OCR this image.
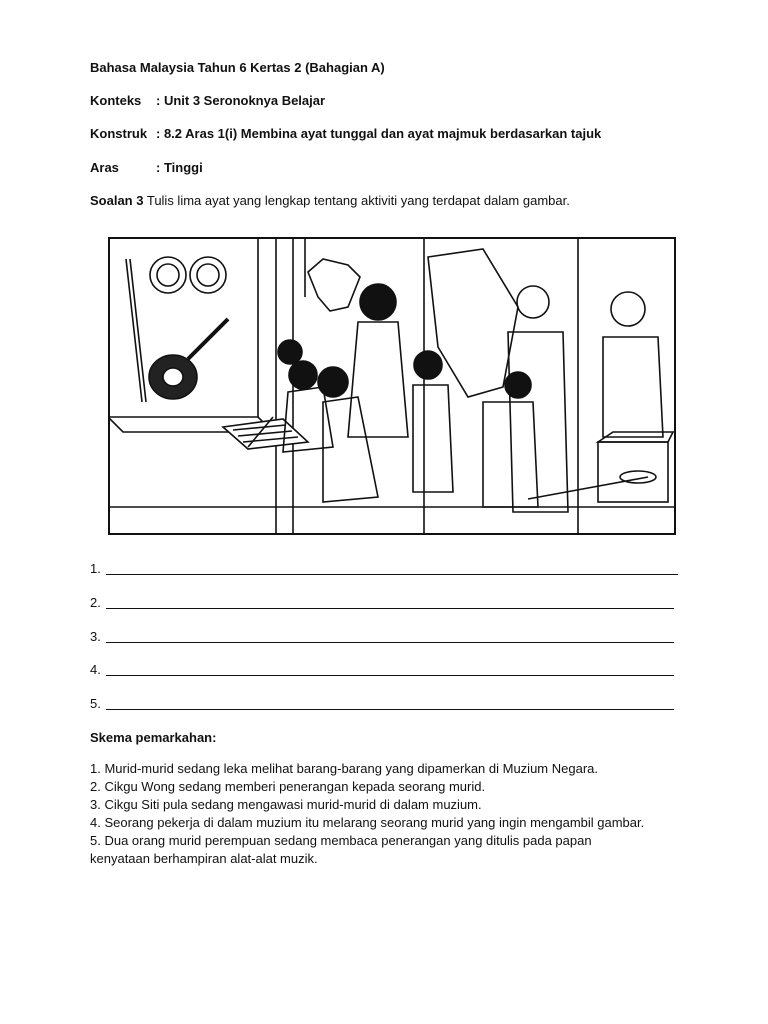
Bahasa Malaysia Tahun 6 Kertas 2 (Bahagian A)
Konteks : Unit 3 Seronoknya Belajar
Konstruk : 8.2 Aras 1(i) Membina ayat tunggal dan ayat majmuk berdasarkan tajuk
Aras	: Tinggi
Soalan 3 Tulis lima ayat yang lengkap tentang aktiviti yang terdapat dalam gambar.
1.
2.
3.
4.
5.
Skema pemarkahan:
1. Murid-murid sedang leka melihat barang-barang yang dipamerkan di Muzium Negara.
2. Cikgu Wong sedang memberi penerangan kepada seorang murid.
3. Cikgu Siti pula sedang mengawasi murid-murid di dalam muzium.
4. Seorang pekerja di dalam muzium itu melarang seorang murid yang ingin mengambil gambar.
5. Dua orang murid perempuan sedang membaca penerangan yang ditulis pada papan
kenyataan berhampiran alat-alat muzik.
